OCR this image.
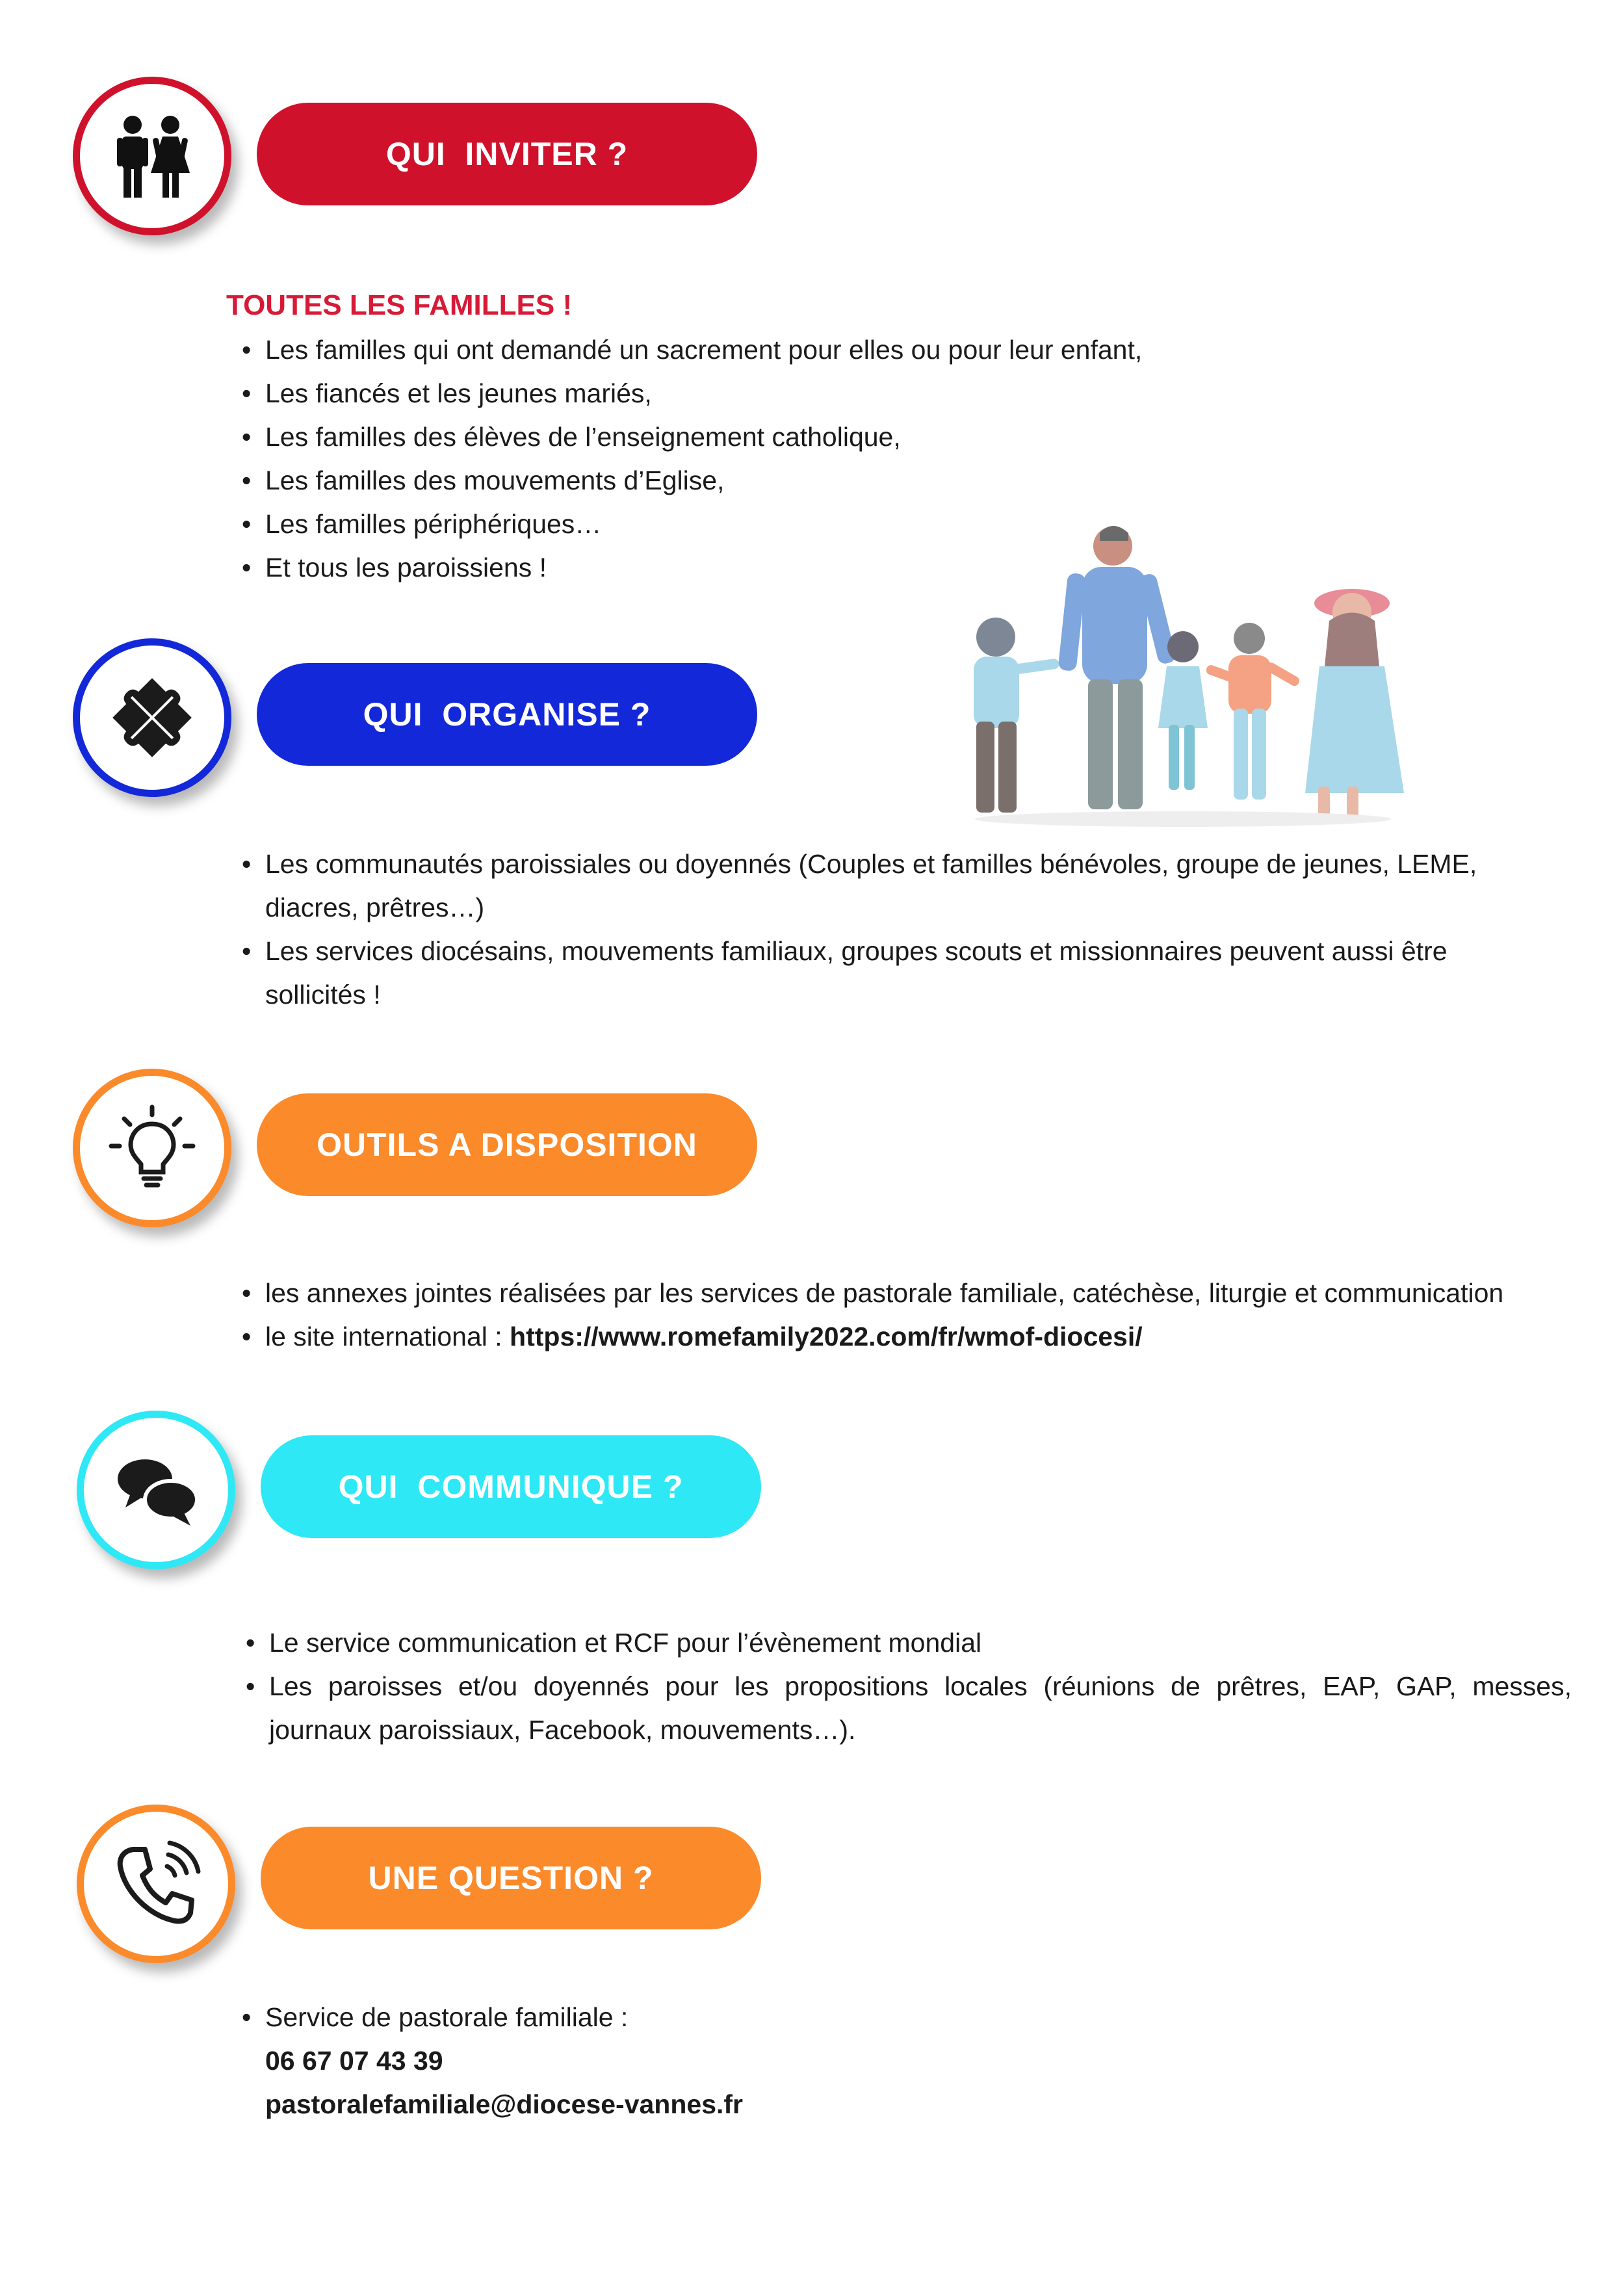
QUI  INVITER ?
TOUTES LES FAMILLES !
• Les familles qui ont demandé un sacrement pour elles ou pour leur enfant,
• Les fiancés et les jeunes mariés,
• Les familles des élèves de l’enseignement catholique,
• Les familles des mouvements d’Eglise,
• Les familles périphériques…
• Et tous les paroissiens !
QUI  ORGANISE ?
• Les communautés paroissiales ou doyennés (Couples et familles bénévoles, groupe de jeunes, LEME,
diacres, prêtres…)
• Les services diocésains, mouvements familiaux, groupes scouts et missionnaires peuvent aussi être
sollicités !
OUTILS A DISPOSITION
• les annexes jointes réalisées par les services de pastorale familiale, catéchèse, liturgie et communication
• le site international : https://www.romefamily2022.com/fr/wmof-diocesi/
QUI  COMMUNIQUE ?
• Le service communication et RCF pour l’évènement mondial
• Les paroisses et/ou doyennés pour les propositions locales (réunions de prêtres, EAP, GAP, messes,
journaux paroissiaux, Facebook, mouvements…).
UNE QUESTION ?
• Service de pastorale familiale :
06 67 07 43 39
pastoralefamiliale@diocese-vannes.fr
